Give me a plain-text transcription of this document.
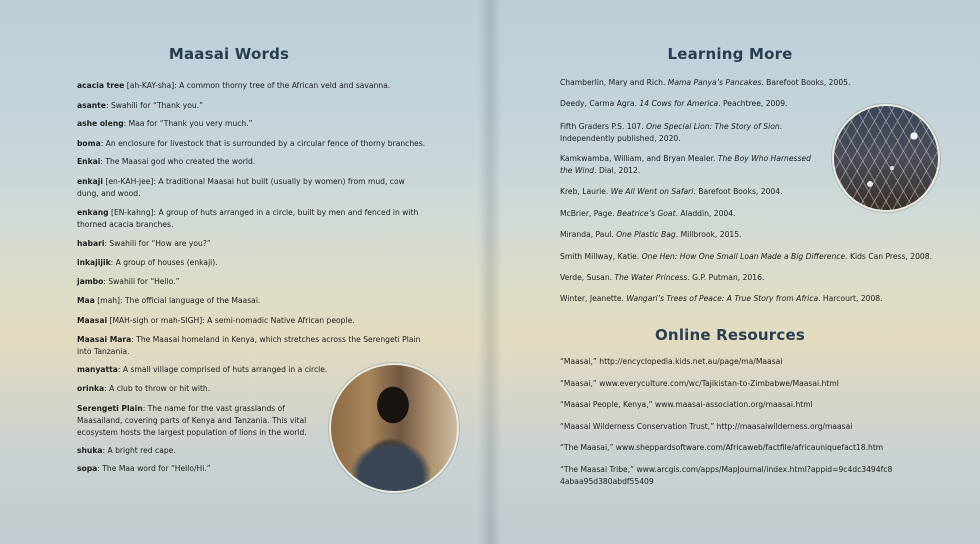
Maasai Words
acacia tree [ah-KAY-sha]: A common thorny tree of the African veld and savanna.
asante: Swahili for “Thank you.”
ashe oleng: Maa for “Thank you very much.”
boma: An enclosure for livestock that is surrounded by a circular fence of thorny branches.
Enkai: The Maasai god who created the world.
enkaji [en-KAH-jee]: A traditional Maasai hut built (usually by women) from mud, cow dung, and wood.
enkang [EN-kahng]: A group of huts arranged in a circle, built by men and fenced in with thorned acacia branches.
habari: Swahili for “How are you?”
inkajijik: A group of houses (enkaji).
jambo: Swahili for “Hello.”
Maa [mah]: The official language of the Maasai.
Maasai [MAH-sigh or mah-SIGH]: A semi-nomadic Native African people.
Maasai Mara: The Maasai homeland in Kenya, which stretches across the Serengeti Plain into Tanzania.
manyatta: A small village comprised of huts arranged in a circle.
orinka: A club to throw or hit with.
Serengeti Plain: The name for the vast grasslands of Maasailand, covering parts of Kenya and Tanzania. This vital ecosystem hosts the largest population of lions in the world.
shuka: A bright red cape.
sopa: The Maa word for “Hello/Hi.”
Learning More
Chamberlin, Mary and Rich. Mama Panya’s Pancakes. Barefoot Books, 2005.
Deedy, Carma Agra. 14 Cows for America. Peachtree, 2009.
Fifth Graders P.S. 107. One Special Lion: The Story of Sion. Independently published, 2020.
Kamkwamba, William, and Bryan Mealer. The Boy Who Harnessed the Wind. Dial, 2012.
Kreb, Laurie. We All Went on Safari. Barefoot Books, 2004.
McBrier, Page. Beatrice’s Goat. Aladdin, 2004.
Miranda, Paul. One Plastic Bag. Millbrook, 2015.
Smith Millway, Katie. One Hen: How One Small Loan Made a Big Difference. Kids Can Press, 2008.
Verde, Susan. The Water Princess. G.P. Putman, 2016.
Winter, Jeanette. Wangari’s Trees of Peace: A True Story from Africa. Harcourt, 2008.
Online Resources
“Maasai,” http://encyclopedia.kids.net.au/page/ma/Maasai
“Maasai,” www.everyculture.com/wc/Tajikistan-to-Zimbabwe/Maasai.html
“Maasai People, Kenya,” www.maasai-association.org/maasai.html
“Maasai Wilderness Conservation Trust,” http://maasaiwilderness.org/maasai
“The Maasai,” www.sheppardsoftware.com/Africaweb/factfile/africauniquefact18.htm
“The Maasai Tribe,” www.arcgis.com/apps/MapJournal/index.html?appid=9c4dc3494fc8 4abaa95d380abdf55409
